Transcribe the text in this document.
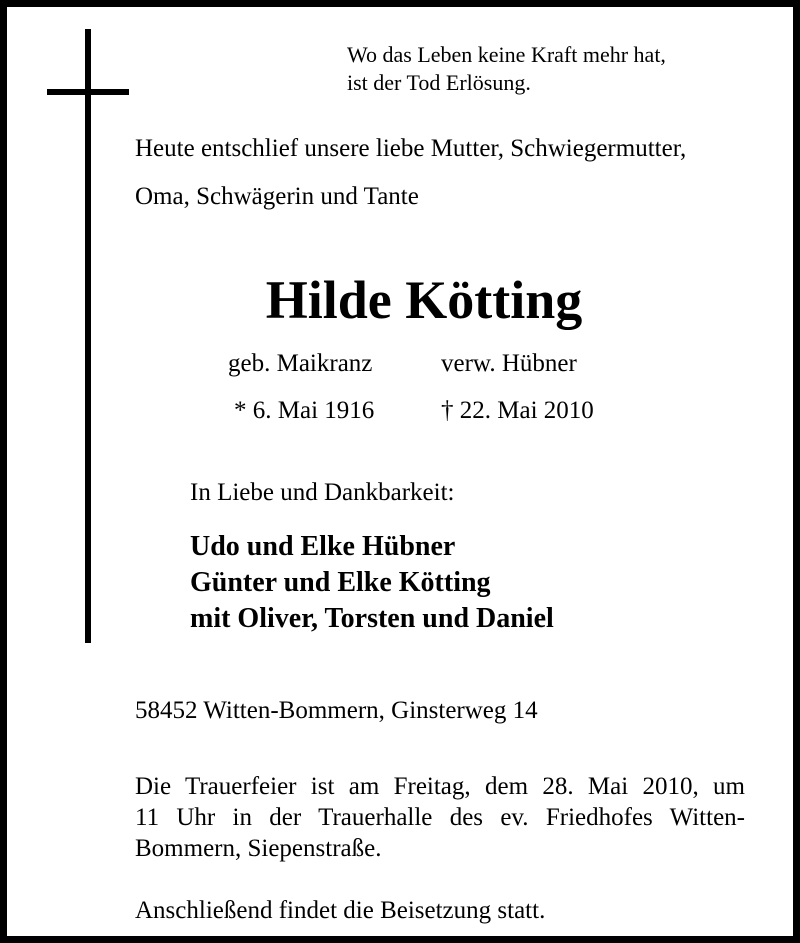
Wo das Leben keine Kraft mehr hat,
ist der Tod Erlösung.
Heute entschlief unsere liebe Mutter, Schwiegermutter,
Oma, Schwägerin und Tante
Hilde Kötting
geb. Maikranz	verw. Hübner
* 6. Mai 1916	† 22. Mai 2010
In Liebe und Dankbarkeit:
Udo und Elke Hübner
Günter und Elke Kötting
mit Oliver, Torsten und Daniel
58452 Witten-Bommern, Ginsterweg 14
Die Trauerfeier ist am Freitag, dem 28. Mai 2010, um
11 Uhr in der Trauerhalle des ev. Friedhofes Witten-
Bommern, Siepenstraße.
Anschließend findet die Beisetzung statt.
